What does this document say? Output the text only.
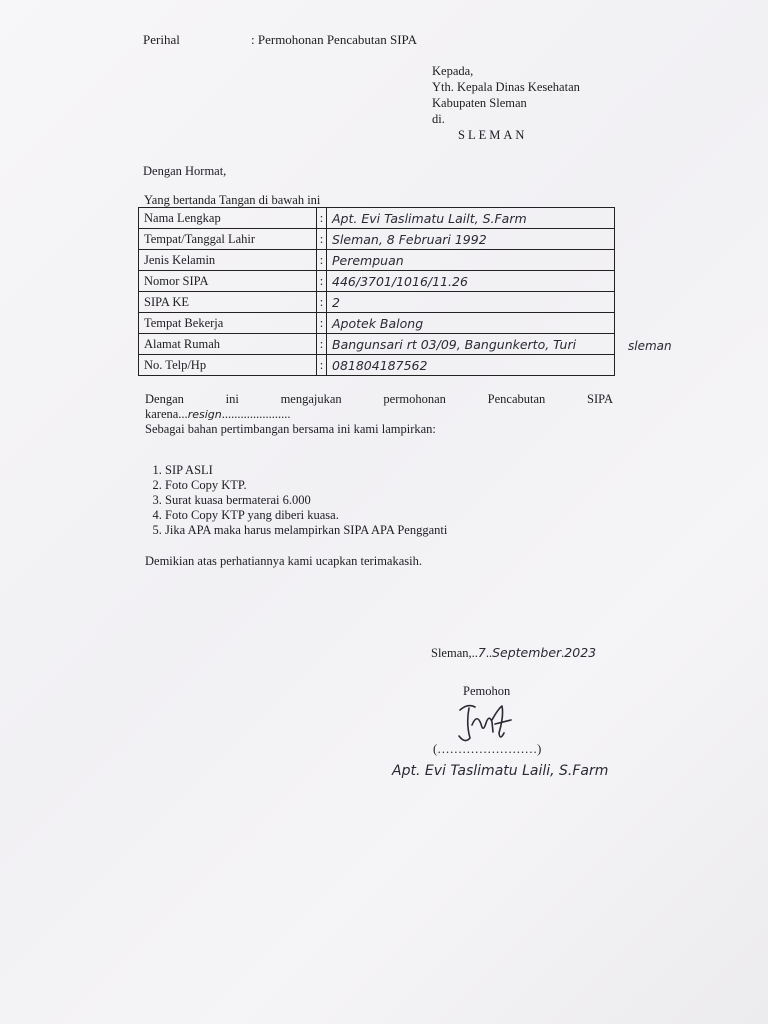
Perihal	: Permohonan Pencabutan SIPA
Kepada,
Yth. Kepala Dinas Kesehatan
Kabupaten Sleman
di.
SLEMAN
Dengan Hormat,
Yang bertanda Tangan di bawah ini
Nama Lengkap	:	Apt. Evi Taslimatu Lailt, S.Farm
Tempat/Tanggal Lahir	:	Sleman, 8 Februari 1992
Jenis Kelamin	:	Perempuan
Nomor SIPA	:	446/3701/1016/11.26
SIPA KE	:	2
Tempat Bekerja	:	Apotek Balong
Alamat Rumah	:	Bangunsari rt 03/09, Bangunkerto, Turi
No. Telp/Hp	:	081804187562
sleman
Dengan	ini	mengajukan	permohonan	Pencabutan	SIPA
karena...resign......................
Sebagai bahan pertimbangan bersama ini kami lampirkan:
1. SIP ASLI
2. Foto Copy KTP.
3. Surat kuasa bermaterai 6.000
4. Foto Copy KTP yang diberi kuasa.
5. Jika APA maka harus melampirkan SIPA APA Pengganti
Demikian atas perhatiannya kami ucapkan terimakasih.
Sleman,..7..September.2023
Pemohon
(……………………)
Apt. Evi Taslimatu Laili, S.Farm
